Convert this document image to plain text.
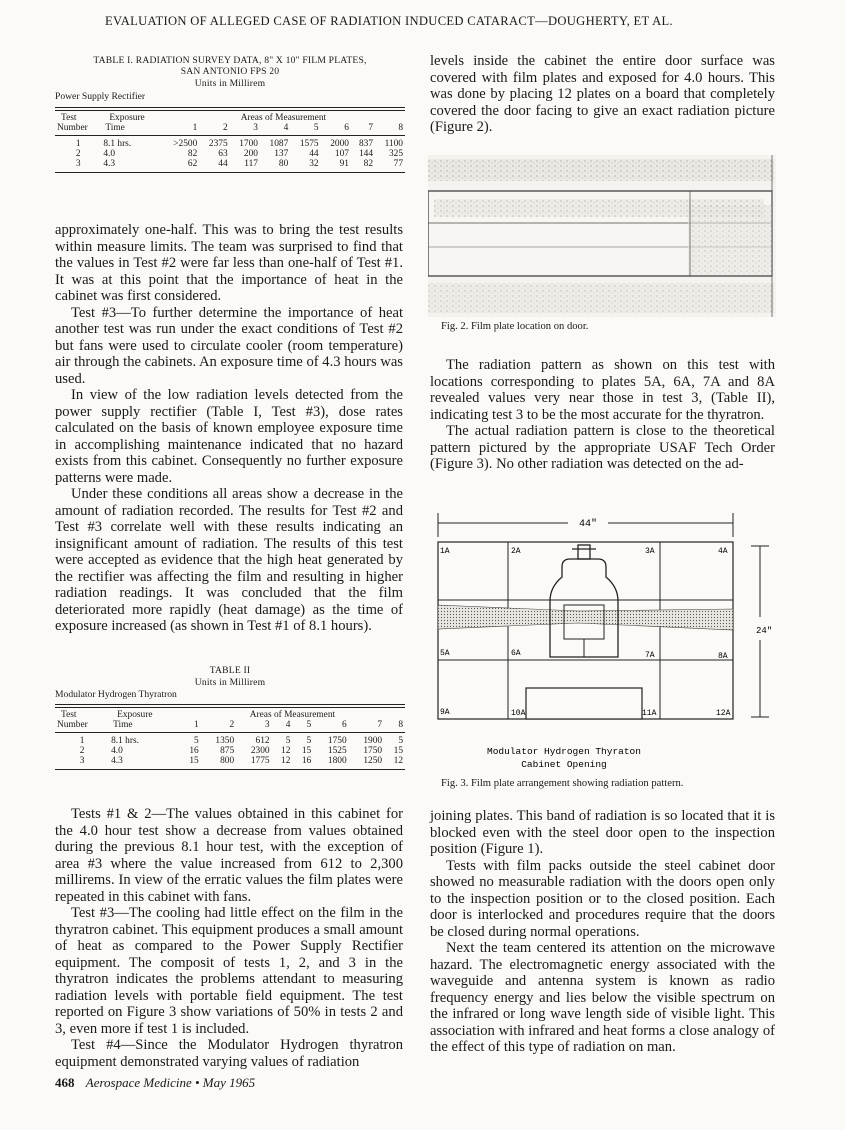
EVALUATION OF ALLEGED CASE OF RADIATION INDUCED CATARACT—DOUGHERTY, ET AL.
TABLE I. RADIATION SURVEY DATA, 8" X 10" FILM PLATES,
SAN ANTONIO FPS 20
Units in Millirem
Power Supply Rectifier
Test	Exposure	Areas of Measurement							
Number	Time	1	2	3	4	5	6	7	8

1	8.1 hrs.	>2500	2375	1700	1087	1575	2000	837	1100
2	4.0	82	63	200	137	44	107	144	325
3	4.3	62	44	117	80	32	91	82	77

approximately one-half. This was to bring the test results within measure limits. The team was surprised to find that the values in Test #2 were far less than one-half of Test #1. It was at this point that the importance of heat in the cabinet was first considered.

Test #3—To further determine the importance of heat another test was run under the exact conditions of Test #2 but fans were used to circulate cooler (room temperature) air through the cabinets. An exposure time of 4.3 hours was used.

In view of the low radiation levels detected from the power supply rectifier (Table I, Test #3), dose rates calculated on the basis of known employee exposure time in accomplishing maintenance indicated that no hazard exists from this cabinet. Consequently no further exposure patterns were made.

Under these conditions all areas show a decrease in the amount of radiation recorded. The results for Test #2 and Test #3 correlate well with these results indicating an insignificant amount of radiation. The results of this test were accepted as evidence that the high heat generated by the rectifier was affecting the film and resulting in higher radiation readings. It was concluded that the film deteriorated more rapidly (heat damage) as the time of exposure increased (as shown in Test #1 of 8.1 hours).

TABLE II
Units in Millirem
Modulator Hydrogen Thyratron
Test	Exposure	Areas of Measurement							
Number	Time	1	2	3	4	5	6	7	8

1	8.1 hrs.	5	1350	612	5	5	1750	1900	5
2	4.0	16	875	2300	12	15	1525	1750	15
3	4.3	15	800	1775	12	16	1800	1250	12

Tests #1 & 2—The values obtained in this cabinet for the 4.0 hour test show a decrease from values obtained during the previous 8.1 hour test, with the exception of area #3 where the value increased from 612 to 2,300 millirems. In view of the erratic values the film plates were repeated in this cabinet with fans.

Test #3—The cooling had little effect on the film in the thyratron cabinet. This equipment produces a small amount of heat as compared to the Power Supply Rectifier equipment. The composit of tests 1, 2, and 3 in the thyratron indicates the problems attendant to measuring radiation levels with portable field equipment. The test reported on Figure 3 show variations of 50% in tests 2 and 3, even more if test 1 is included.

Test #4—Since the Modulator Hydrogen thyratron equipment demonstrated varying values of radiation

levels inside the cabinet the entire door surface was covered with film plates and exposed for 4.0 hours. This was done by placing 12 plates on a board that completely covered the door facing to give an exact radiation picture (Figure 2).

Fig. 2. Film plate location on door.

The radiation pattern as shown on this test with locations corresponding to plates 5A, 6A, 7A and 8A revealed values very near those in test 3, (Table II), indicating test 3 to be the most accurate for the thyratron.

The actual radiation pattern is close to the theoretical pattern pictured by the appropriate USAF Tech Order (Figure 3). No other radiation was detected on the ad-

44"
1A	2A	3A	4A
5A	6A	7A	8A
9A	10A	11A	12A
24"
Modulator Hydrogen Thyraton
Cabinet Opening
Fig. 3. Film plate arrangement showing radiation pattern.

joining plates. This band of radiation is so located that it is blocked even with the steel door open to the inspection position (Figure 1).

Tests with film packs outside the steel cabinet door showed no measurable radiation with the doors open only to the inspection position or to the closed position. Each door is interlocked and procedures require that the doors be closed during normal operations.

Next the team centered its attention on the microwave hazard. The electromagnetic energy associated with the waveguide and antenna system is known as radio frequency energy and lies below the visible spectrum on the infrared or long wave length side of visible light. This association with infrared and heat forms a close analogy of the effect of this type of radiation on man.

468 Aerospace Medicine • May 1965
